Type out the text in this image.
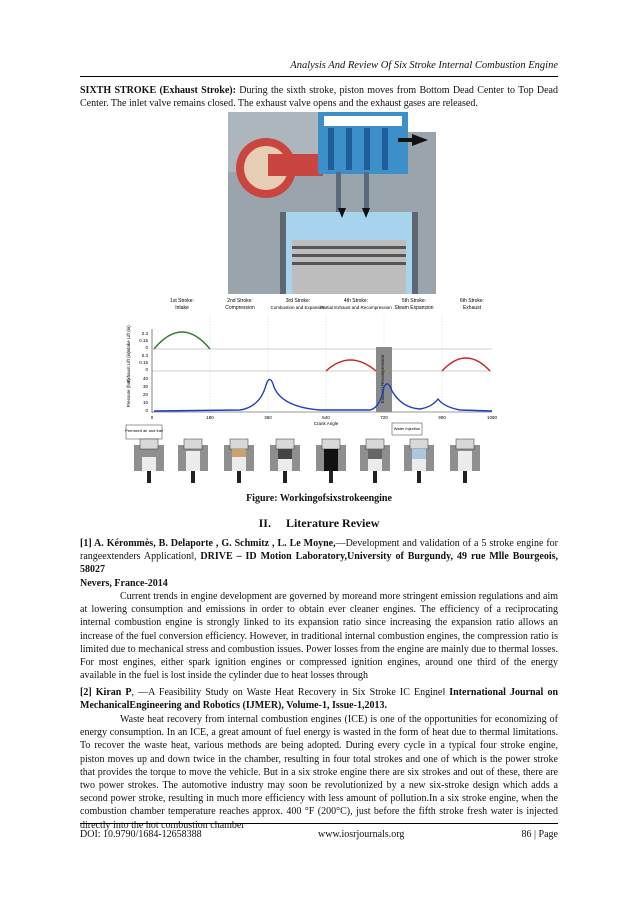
Analysis And Review Of Six Stroke Internal Combustion Engine
SIXTH STROKE (Exhaust Stroke): During the sixth stroke, piston moves from Bottom Dead Center to Top Dead Center. The inlet valve remains closed. The exhaust valve opens and the exhaust gases are released.
1st Stroke:
Intake
2nd Stroke:
Compression
3rd Stroke:
Combustion and Expansion
4th Stroke:
Partial Exhaust and Recompression
5th Stroke:
Steam Expansion
6th Stroke:
Exhaust
Intake Lift (in)
Exhaust Lift (in)
Pressure (bar)
0.3
0.15
0
0.3
0.15
0
40
30
20
10
0
Exhaust Recompression
0	180	360	540	720	900	1080
Crank Angle
Premixed air and fuel	Water Injection
Figure: Workingofsixstrokeengine
II. Literature Review
[1] A. Kérommès, B. Delaporte , G. Schmitz , L. Le Moyne,―Development and validation of a 5 stroke engine for rangeextenders Application‖, DRIVE – ID Motion Laboratory,University of Burgundy, 49 rue Mlle Bourgeois, 58027
Nevers, France-2014
Current trends in engine development are governed by moreand more stringent emission regulations and aim at lowering consumption and emissions in order to obtain ever cleaner engines. The efficiency of a reciprocating internal combustion engine is strongly linked to its expansion ratio since increasing the expansion ratio allows an increase of the fuel conversion efficiency. However, in traditional internal combustion engines, the compression ratio is limited due to mechanical stress and combustion issues. Power losses from the engine are mainly due to thermal losses. For most engines, either spark ignition engines or compressed ignition engines, around one third of the energy available in the fuel is lost inside the cylinder due to heat losses through
[2] Kiran P, ―A Feasibility Study on Waste Heat Recovery in Six Stroke IC Engine‖ International Journal on MechanicalEngineering and Robotics (IJMER), Volume-1, Issue-1,2013.
Waste heat recovery from internal combustion engines (ICE) is one of the opportunities for economizing of energy consumption. In an ICE, a great amount of fuel energy is wasted in the form of heat due to thermal limitations. To recover the waste heat, various methods are being adopted. During every cycle in a typical four stroke engine, piston moves up and down twice in the chamber, resulting in four total strokes and one of which is the power stroke that provides the torque to move the vehicle. But in a six stroke engine there are six strokes and out of these, there are two power strokes. The automotive industry may soon be revolutionized by a new six-stroke design which adds a second power stroke, resulting in much more efficiency with less amount of pollution.In a six stroke engine, when the combustion chamber temperature reaches approx. 400 °F (200°C), just before the fifth stroke fresh water is injected directly into the hot combustion chamber
DOI: 10.9790/1684-12658388	www.iosrjournals.org	86 | Page
